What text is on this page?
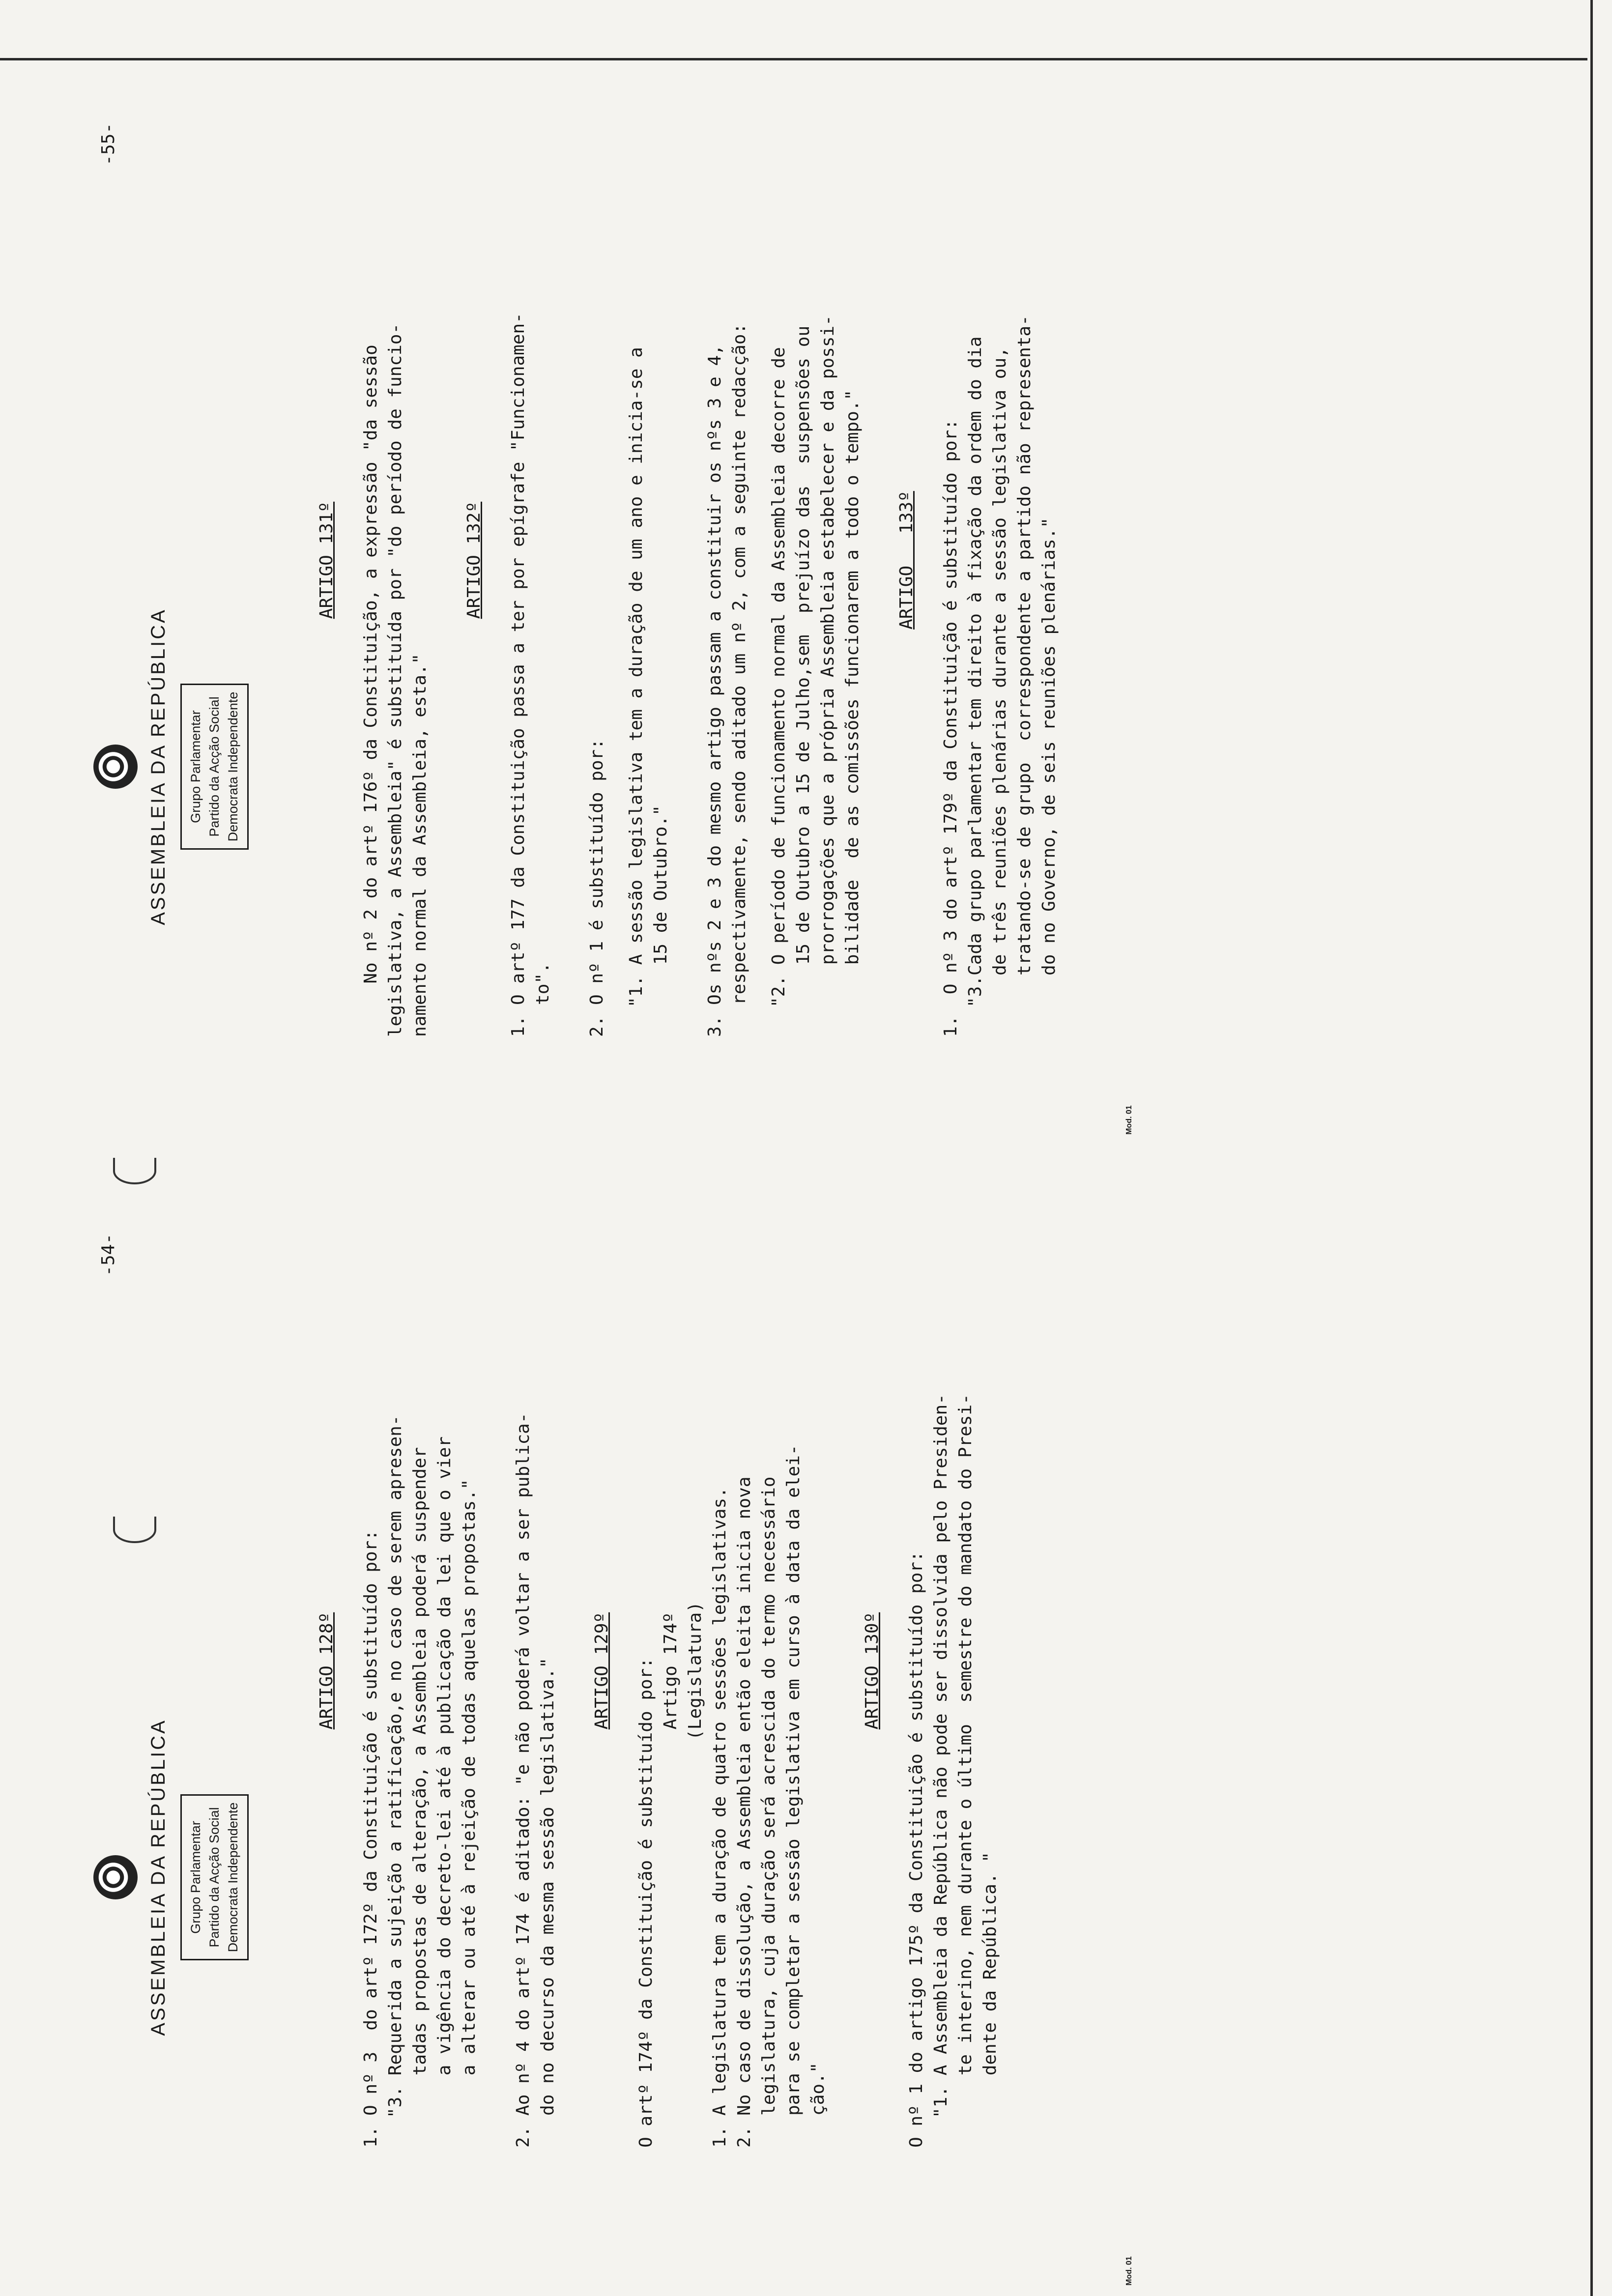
Mod. 01
Mod. 01
ASSEMBLEIA DA REPÚBLICA Grupo Parlamentar Partido da Acção Social Democrata Independente
-54-

ARTIGO 128º 1. O nº 3  do artº 172º da Constituição é substituído por: "3. Requerida a sujeição a ratificação,e no caso de serem apresen-
tadas propostas de alteração, a Assembleia poderá suspender
a vigência do decreto-lei até à publicação da lei que o vier
a alterar ou até à rejeição de todas aquelas propostas."

2. Ao nº 4 do artº 174 é aditado: "e não poderá voltar a ser publica-
do no decurso da mesma sessão legislativa." ARTIGO 129º O artº 174º da Constituição é substituído por: Artigo 174º
(Legislatura) 1. A legislatura tem a duração de quatro sessões legislativas. 2. No caso de dissolução, a Assembleia então eleita inicia nova
legislatura, cuja duração será acrescida do termo necessário
para se completar a sessão legislativa em curso à data da elei-
ção."

ARTIGO 130º O nº 1 do artigo 175º da Constituição é substituído por: "1. A Assembleia da República não pode ser dissolvida pelo Presiden-
te interino, nem durante o último  semestre do mandato do Presi-
dente da República. "

ASSEMBLEIA DA REPÚBLICA Grupo Parlamentar Partido da Acção Social Democrata Independente
-55-

ARTIGO 131º

No nº 2 do artº 176º da Constituição, a expressão "da sessão
legislativa, a Assembleia" é substituída por "do período de funcio-
namento normal da Assembleia, esta."

ARTIGO 132º

1. O artº 177 da Constituição passa a ter por epígrafe "Funcionamen-
to". 2. O nº 1 é substituído por: "1. A sessão legislativa tem a duração de um ano e inicia-se a
15 de Outubro."

3. Os nºs 2 e 3 do mesmo artigo passam a constituir os nºs 3 e 4,
respectivamente, sendo aditado um nº 2, com a seguinte redacção:

"2. O período de funcionamento normal da Assembleia decorre de
15 de Outubro a 15 de Julho,sem  prejuízo das  suspensões ou
prorrogações que a própria Assembleia estabelecer e da possi-
bilidade  de as comissões funcionarem a todo o tempo."

ARTIGO   133º 1.  O nº 3 do artº 179º da Constituição é substituído por: "3.Cada grupo parlamentar tem direito à fixação da ordem do dia
de três reuniões plenárias durante a sessão legislativa ou,
tratando-se de grupo  correspondente a partido não representa-
do no Governo, de seis reuniões plenárias."
